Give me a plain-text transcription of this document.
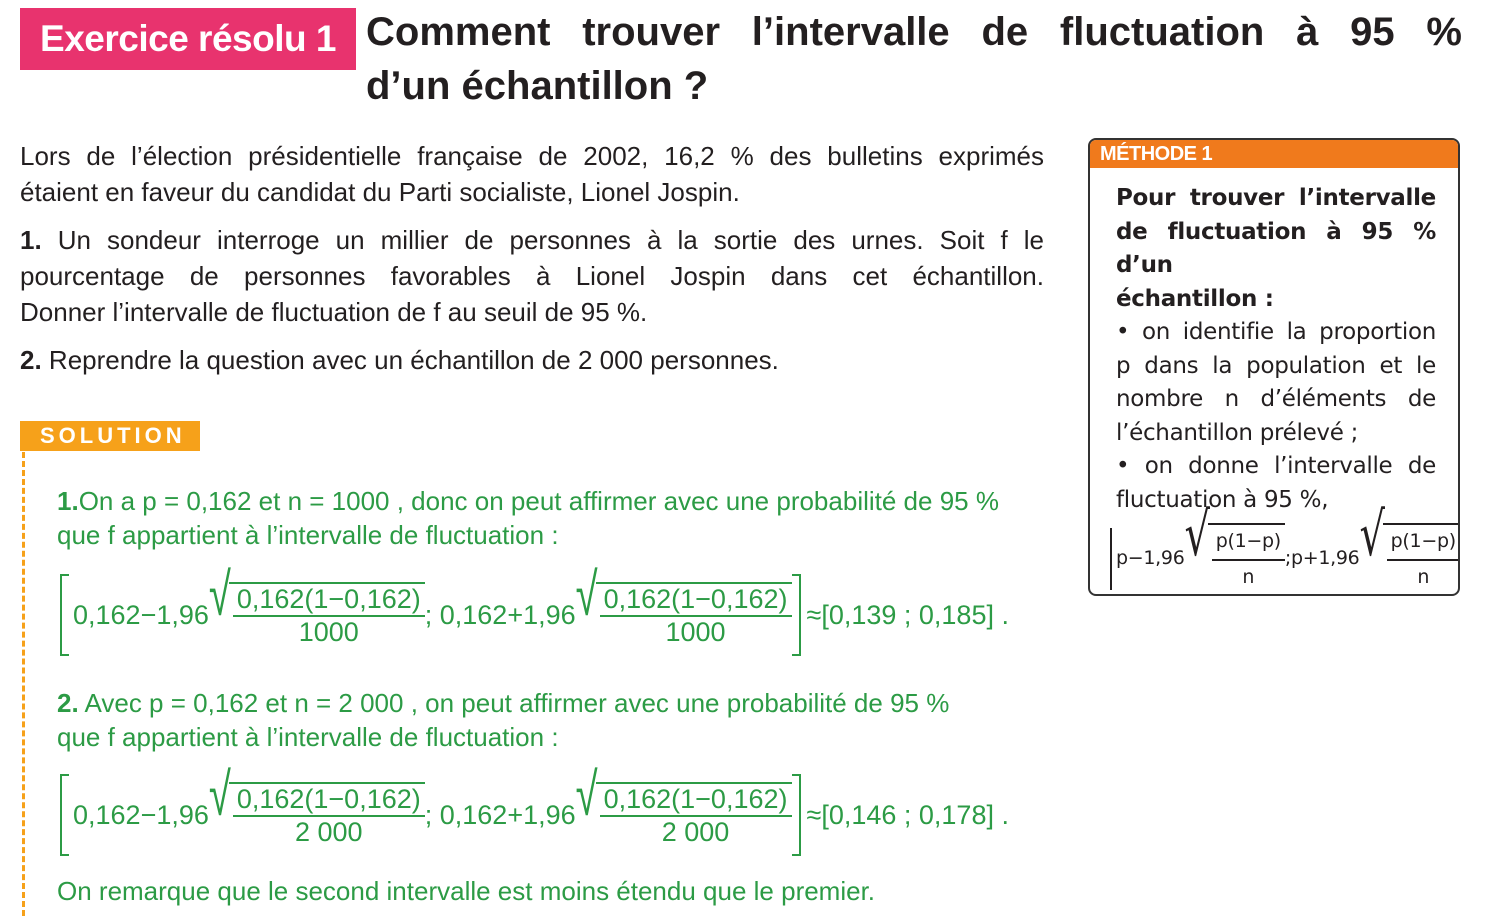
Exercice résolu 1 Comment trouver l’intervalle de fluctuation à 95 %
d’un échantillon ?
Lors de l’élection présidentielle française de 2002, 16,2 % des bulletins exprimés
étaient en faveur du candidat du Parti socialiste, Lionel Jospin.
1. Un sondeur interroge un millier de personnes à la sortie des urnes. Soit f le
pourcentage de personnes favorables à Lionel Jospin dans cet échantillon.
Donner l’intervalle de fluctuation de f au seuil de 95 %.
2. Reprendre la question avec un échantillon de 2 000 personnes.
MÉTHODE 1
Pour trouver l’intervalle
de fluctuation à 95 % d’un
échantillon :
• on identifie la proportion
p dans la population et le
nombre n d’éléments de
l’échantillon prélevé ;
• on donne l’intervalle de
fluctuation à 95 %,
p−1,96 √ $\frac{p(1-p)}{n}$ ; p+1,96 √ $\frac{p(1-p)}{n}$
SOLUTION
1.On a p = 0,162 et n = 1000 , donc on peut affirmer avec une probabilité de 95 %
que f appartient à l’intervalle de fluctuation :
0,162−1,96 √ $\frac{0,162(1-0,162)}{1000}$ ; 0,162+1,96 √ $\frac{0,162(1-0,162)}{1000} \approx[0,139$ ; 0,185] .
2. Avec p = 0,162 et n = 2 000 , on peut affirmer avec une probabilité de 95 %
que f appartient à l’intervalle de fluctuation :
0,162−1,96 √ $\frac{0,162(1-0,162)}{2 000}$ ; 0,162+1,96 √ $\frac{0,162(1-0,162)}{2 000} \approx[0,146$ ; 0,178] .
On remarque que le second intervalle est moins étendu que le premier.
